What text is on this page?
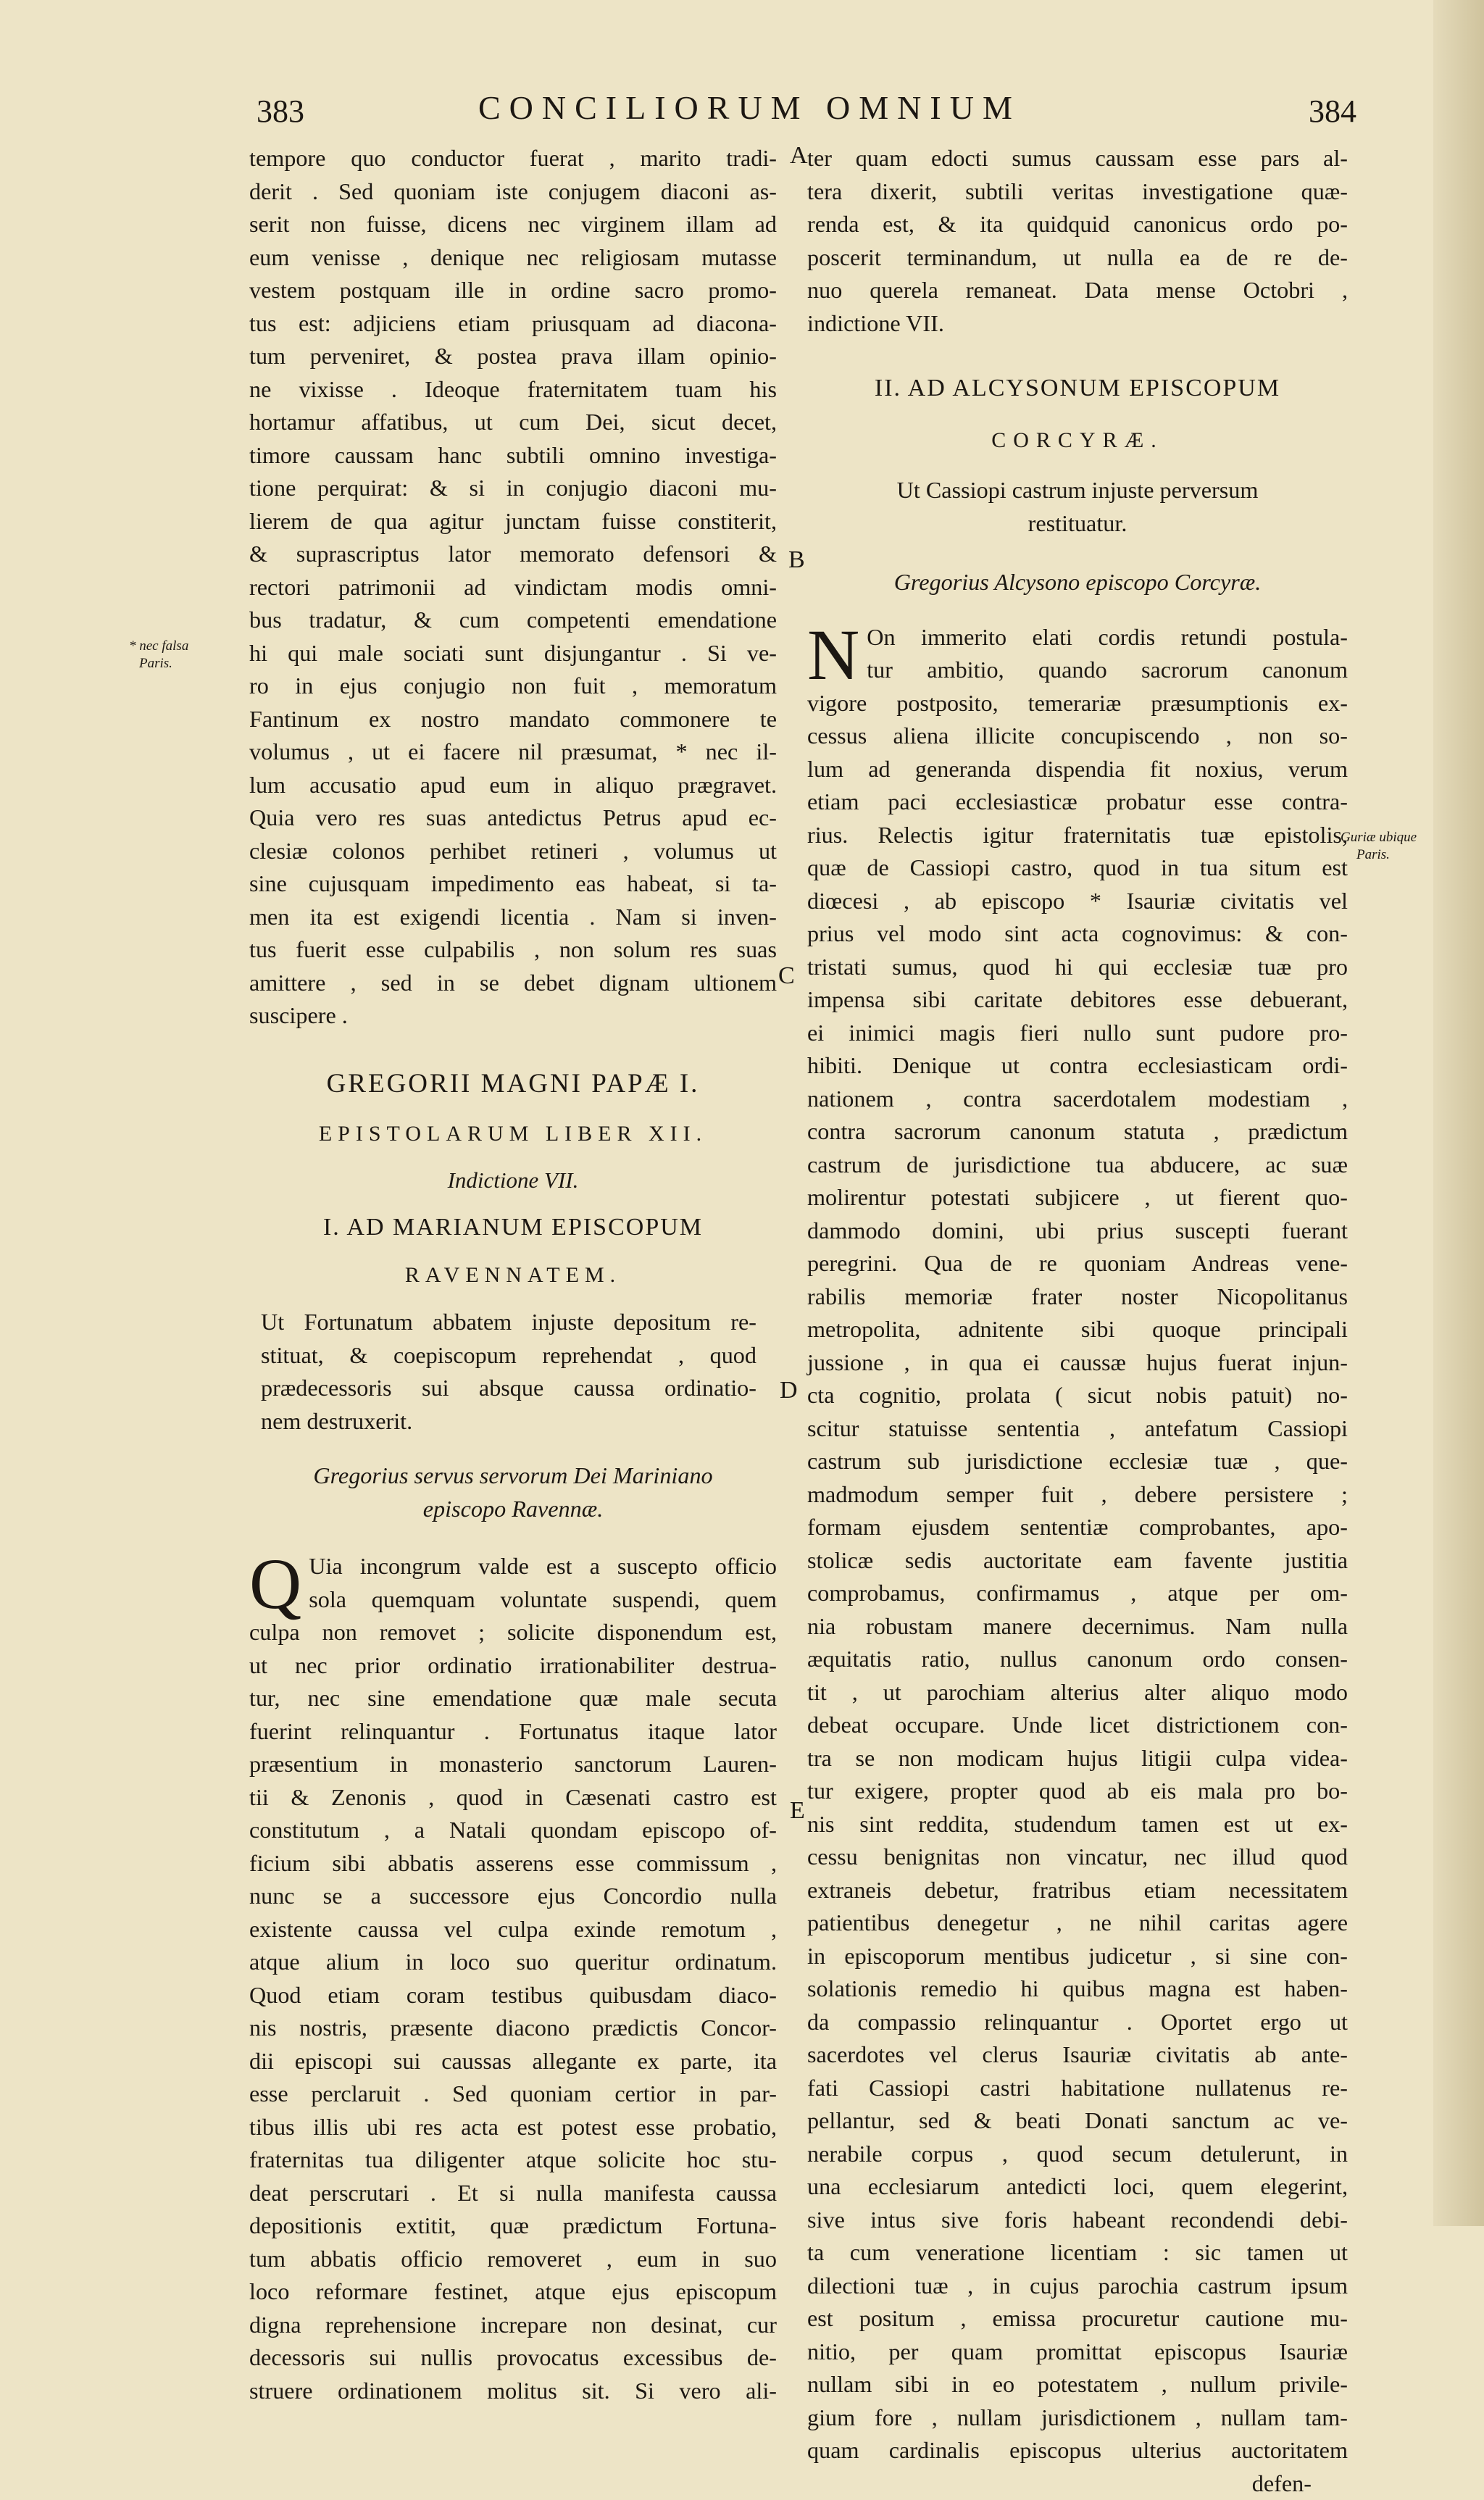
383	CONCILIORUM OMNIUM	384
A
B
C
D
E
* nec falsa
Paris.
Guriæ ubique
Paris.

tempore quo conductor fuerat , marito tradi-

derit . Sed quoniam iste conjugem diaconi as-

serit non fuisse, dicens nec virginem illam ad

eum venisse , denique nec religiosam mutasse

vestem postquam ille in ordine sacro promo-

tus est: adjiciens etiam priusquam ad diacona-

tum perveniret, & postea prava illam opinio-

ne vixisse . Ideoque fraternitatem tuam his

hortamur affatibus, ut cum Dei, sicut decet,

timore caussam hanc subtili omnino investiga-

tione perquirat: & si in conjugio diaconi mu-

lierem de qua agitur junctam fuisse constiterit,

& suprascriptus lator memorato defensori &

rectori patrimonii ad vindictam modis omni-

bus tradatur, & cum competenti emendatione

hi qui male sociati sunt disjungantur . Si ve-

ro in ejus conjugio non fuit , memoratum

Fantinum ex nostro mandato commonere te

volumus , ut ei facere nil præsumat, * nec il-

lum accusatio apud eum in aliquo prægravet.

Quia vero res suas antedictus Petrus apud ec-

clesiæ colonos perhibet retineri , volumus ut

sine cujusquam impedimento eas habeat, si ta-

men ita est exigendi licentia . Nam si inven-

tus fuerit esse culpabilis , non solum res suas

amittere , sed in se debet dignam ultionem

suscipere .

GREGORII MAGNI PAPÆ I.
EPISTOLARUM LIBER XII.
Indictione VII.
I. AD MARIANUM EPISCOPUM
RAVENNATEM.

Ut Fortunatum abbatem injuste depositum re-

stituat, & coepiscopum reprehendat , quod

prædecessoris sui absque caussa ordinatio-

nem destruxerit.

Gregorius servus servorum Dei Mariniano

episcopo Ravennæ.

Q Uia incongrum valde est a suscepto officio

sola quemquam voluntate suspendi, quem

culpa non removet ; solicite disponendum est,

ut nec prior ordinatio irrationabiliter destrua-

tur, nec sine emendatione quæ male secuta

fuerint relinquantur . Fortunatus itaque lator

præsentium in monasterio sanctorum Lauren-

tii & Zenonis , quod in Cæsenati castro est

constitutum , a Natali quondam episcopo of-

ficium sibi abbatis asserens esse commissum ,

nunc se a successore ejus Concordio nulla

existente caussa vel culpa exinde remotum ,

atque alium in loco suo queritur ordinatum.

Quod etiam coram testibus quibusdam diaco-

nis nostris, præsente diacono prædictis Concor-

dii episcopi sui caussas allegante ex parte, ita

esse perclaruit . Sed quoniam certior in par-

tibus illis ubi res acta est potest esse probatio,

fraternitas tua diligenter atque solicite hoc stu-

deat perscrutari . Et si nulla manifesta caussa

depositionis extitit, quæ prædictum Fortuna-

tum abbatis officio removeret , eum in suo

loco reformare festinet, atque ejus episcopum

digna reprehensione increpare non desinat, cur

decessoris sui nullis provocatus excessibus de-

struere ordinationem molitus sit. Si vero ali-

ter quam edocti sumus caussam esse pars al-

tera dixerit, subtili veritas investigatione quæ-

renda est, & ita quidquid canonicus ordo po-

poscerit terminandum, ut nulla ea de re de-

nuo querela remaneat. Data mense Octobri ,

indictione VII.

II. AD ALCYSONUM EPISCOPUM
CORCYRÆ.

Ut Cassiopi castrum injuste perversum

restituatur.

Gregorius Alcysono episcopo Corcyræ.
N On immerito elati cordis retundi postula-

tur ambitio, quando sacrorum canonum

vigore postposito, temerariæ præsumptionis ex-

cessus aliena illicite concupiscendo , non so-

lum ad generanda dispendia fit noxius, verum

etiam paci ecclesiasticæ probatur esse contra-

rius. Relectis igitur fraternitatis tuæ epistolis,

quæ de Cassiopi castro, quod in tua situm est

diœcesi , ab episcopo * Isauriæ civitatis vel

prius vel modo sint acta cognovimus: & con-

tristati sumus, quod hi qui ecclesiæ tuæ pro

impensa sibi caritate debitores esse debuerant,

ei inimici magis fieri nullo sunt pudore pro-

hibiti. Denique ut contra ecclesiasticam ordi-

nationem , contra sacerdotalem modestiam ,

contra sacrorum canonum statuta , prædictum

castrum de jurisdictione tua abducere, ac suæ

molirentur potestati subjicere , ut fierent quo-

dammodo domini, ubi prius suscepti fuerant

peregrini. Qua de re quoniam Andreas vene-

rabilis memoriæ frater noster Nicopolitanus

metropolita, adnitente sibi quoque principali

jussione , in qua ei caussæ hujus fuerat injun-

cta cognitio, prolata ( sicut nobis patuit) no-

scitur statuisse sententia , antefatum Cassiopi

castrum sub jurisdictione ecclesiæ tuæ , que-

madmodum semper fuit , debere persistere ;

formam ejusdem sententiæ comprobantes, apo-

stolicæ sedis auctoritate eam favente justitia

comprobamus, confirmamus , atque per om-

nia robustam manere decernimus. Nam nulla

æquitatis ratio, nullus canonum ordo consen-

tit , ut parochiam alterius alter aliquo modo

debeat occupare. Unde licet districtionem con-

tra se non modicam hujus litigii culpa videa-

tur exigere, propter quod ab eis mala pro bo-

nis sint reddita, studendum tamen est ut ex-

cessu benignitas non vincatur, nec illud quod

extraneis debetur, fratribus etiam necessitatem

patientibus denegetur , ne nihil caritas agere

in episcoporum mentibus judicetur , si sine con-

solationis remedio hi quibus magna est haben-

da compassio relinquantur . Oportet ergo ut

sacerdotes vel clerus Isauriæ civitatis ab ante-

fati Cassiopi castri habitatione nullatenus re-

pellantur, sed & beati Donati sanctum ac ve-

nerabile corpus , quod secum detulerunt, in

una ecclesiarum antedicti loci, quem elegerint,

sive intus sive foris habeant recondendi debi-

ta cum veneratione licentiam : sic tamen ut

dilectioni tuæ , in cujus parochia castrum ipsum

est positum , emissa procuretur cautione mu-

nitio, per quam promittat episcopus Isauriæ

nullam sibi in eo potestatem , nullum privile-

gium fore , nullam jurisdictionem , nullam tam-

quam cardinalis episcopus ulterius auctoritatem

defen-
